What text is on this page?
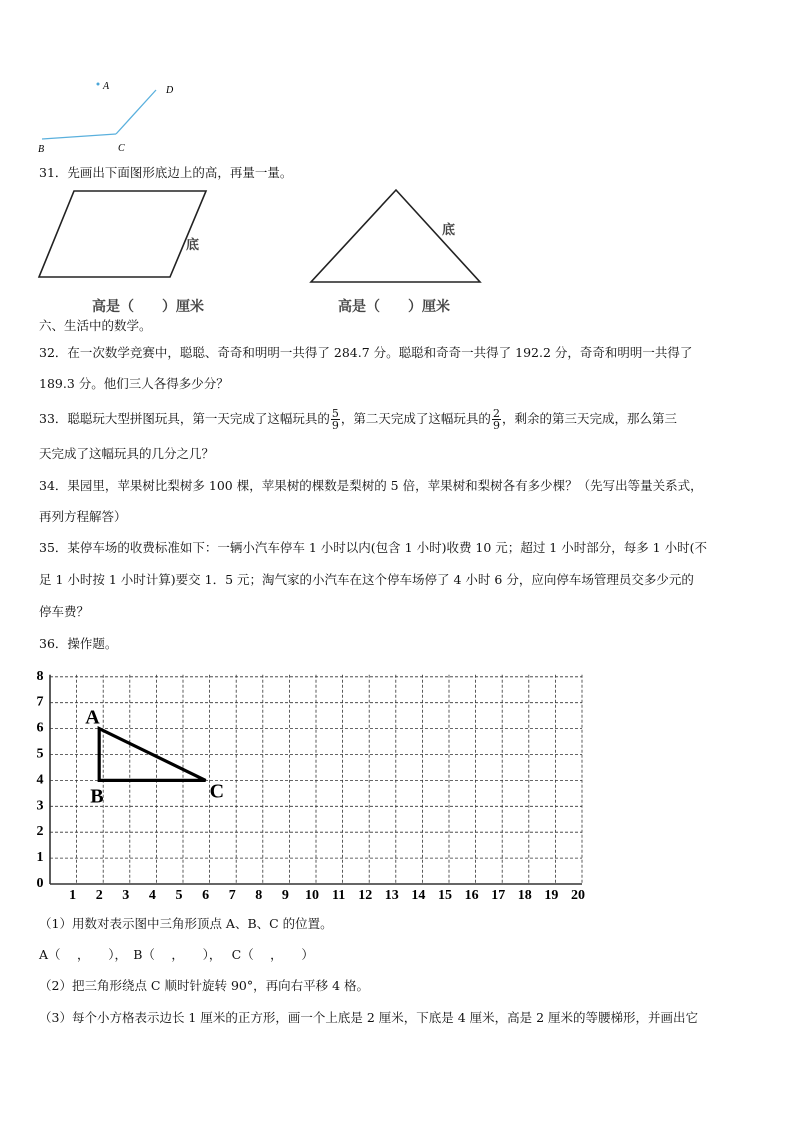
A	D
B	C
31．先画出下面图形底边上的高，再量一量。
底
高是（　　）厘米
底
高是（　　）厘米
六、生活中的数学。
32．在一次数学竞赛中，聪聪、奇奇和明明一共得了 284.7 分。聪聪和奇奇一共得了 192.2 分，奇奇和明明一共得了
189.3 分。他们三人各得多少分？
33．聪聪玩大型拼图玩具，第一天完成了这幅玩具的 $\frac{5}{9}$ ，第二天完成了这幅玩具的 $\frac{2}{9}$ ，剩余的第三天完成，那么第三
天完成了这幅玩具的几分之几？
34．果园里，苹果树比梨树多 100 棵，苹果树的棵数是梨树的 5 倍，苹果树和梨树各有多少棵？（先写出等量关系式，
再列方程解答）
35．某停车场的收费标准如下：一辆小汽车停车 1 小时以内(包含 1 小时)收费 10 元；超过 1 小时部分，每多 1 小时(不
足 1 小时按 1 小时计算)要交 1．5 元；淘气家的小汽车在这个停车场停了 4 小时 6 分，应向停车场管理员交多少元的
停车费？
36．操作题。
1 2 3 4 5 6 7 8 9 10 11 12 13 14 15 16 17 18 19 20
0
1
2
3
4
5
6
7
8
A
B	C
（1）用数对表示图中三角形顶点 A、B、C 的位置。
A（　 ，　　），　B（　 ，　　），　 C（　 ，　　）
（2）把三角形绕点 C 顺时针旋转 90°，再向右平移 4 格。
（3）每个小方格表示边长 1 厘米的正方形，画一个上底是 2 厘米，下底是 4 厘米，高是 2 厘米的等腰梯形，并画出它
